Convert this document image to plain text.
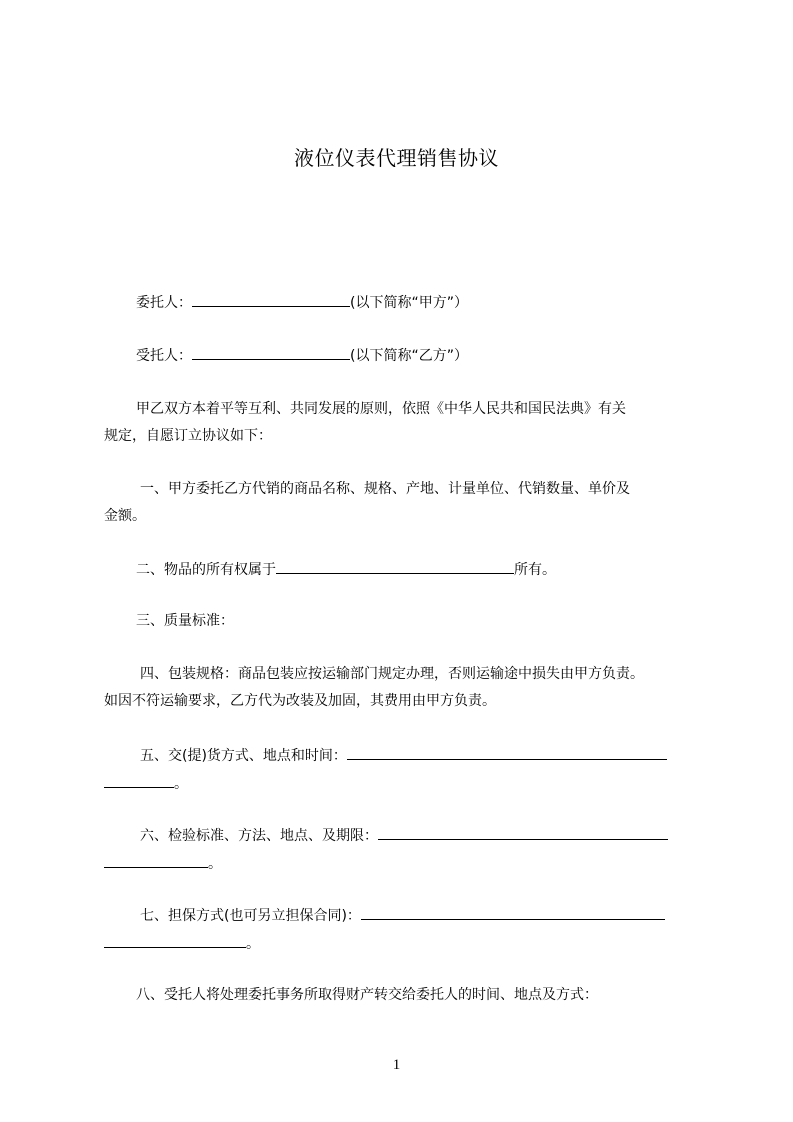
液位仪表代理销售协议
委托人：	(以下简称“甲方”）
受托人：	(以下简称“乙方”）
甲乙双方本着平等互利、共同发展的原则，依照《中华人民共和国民法典》有关
规定，自愿订立协议如下：
一、甲方委托乙方代销的商品名称、规格、产地、计量单位、代销数量、单价及
金额。
二、物品的所有权属于	所有。
三、质量标准：
四、包装规格：商品包装应按运输部门规定办理，否则运输途中损失由甲方负责。
如因不符运输要求，乙方代为改装及加固，其费用由甲方负责。
五、交(提)货方式、地点和时间：
。
六、检验标准、方法、地点、及期限：
。
七、担保方式(也可另立担保合同)：
。
八、受托人将处理委托事务所取得财产转交给委托人的时间、地点及方式：
1
